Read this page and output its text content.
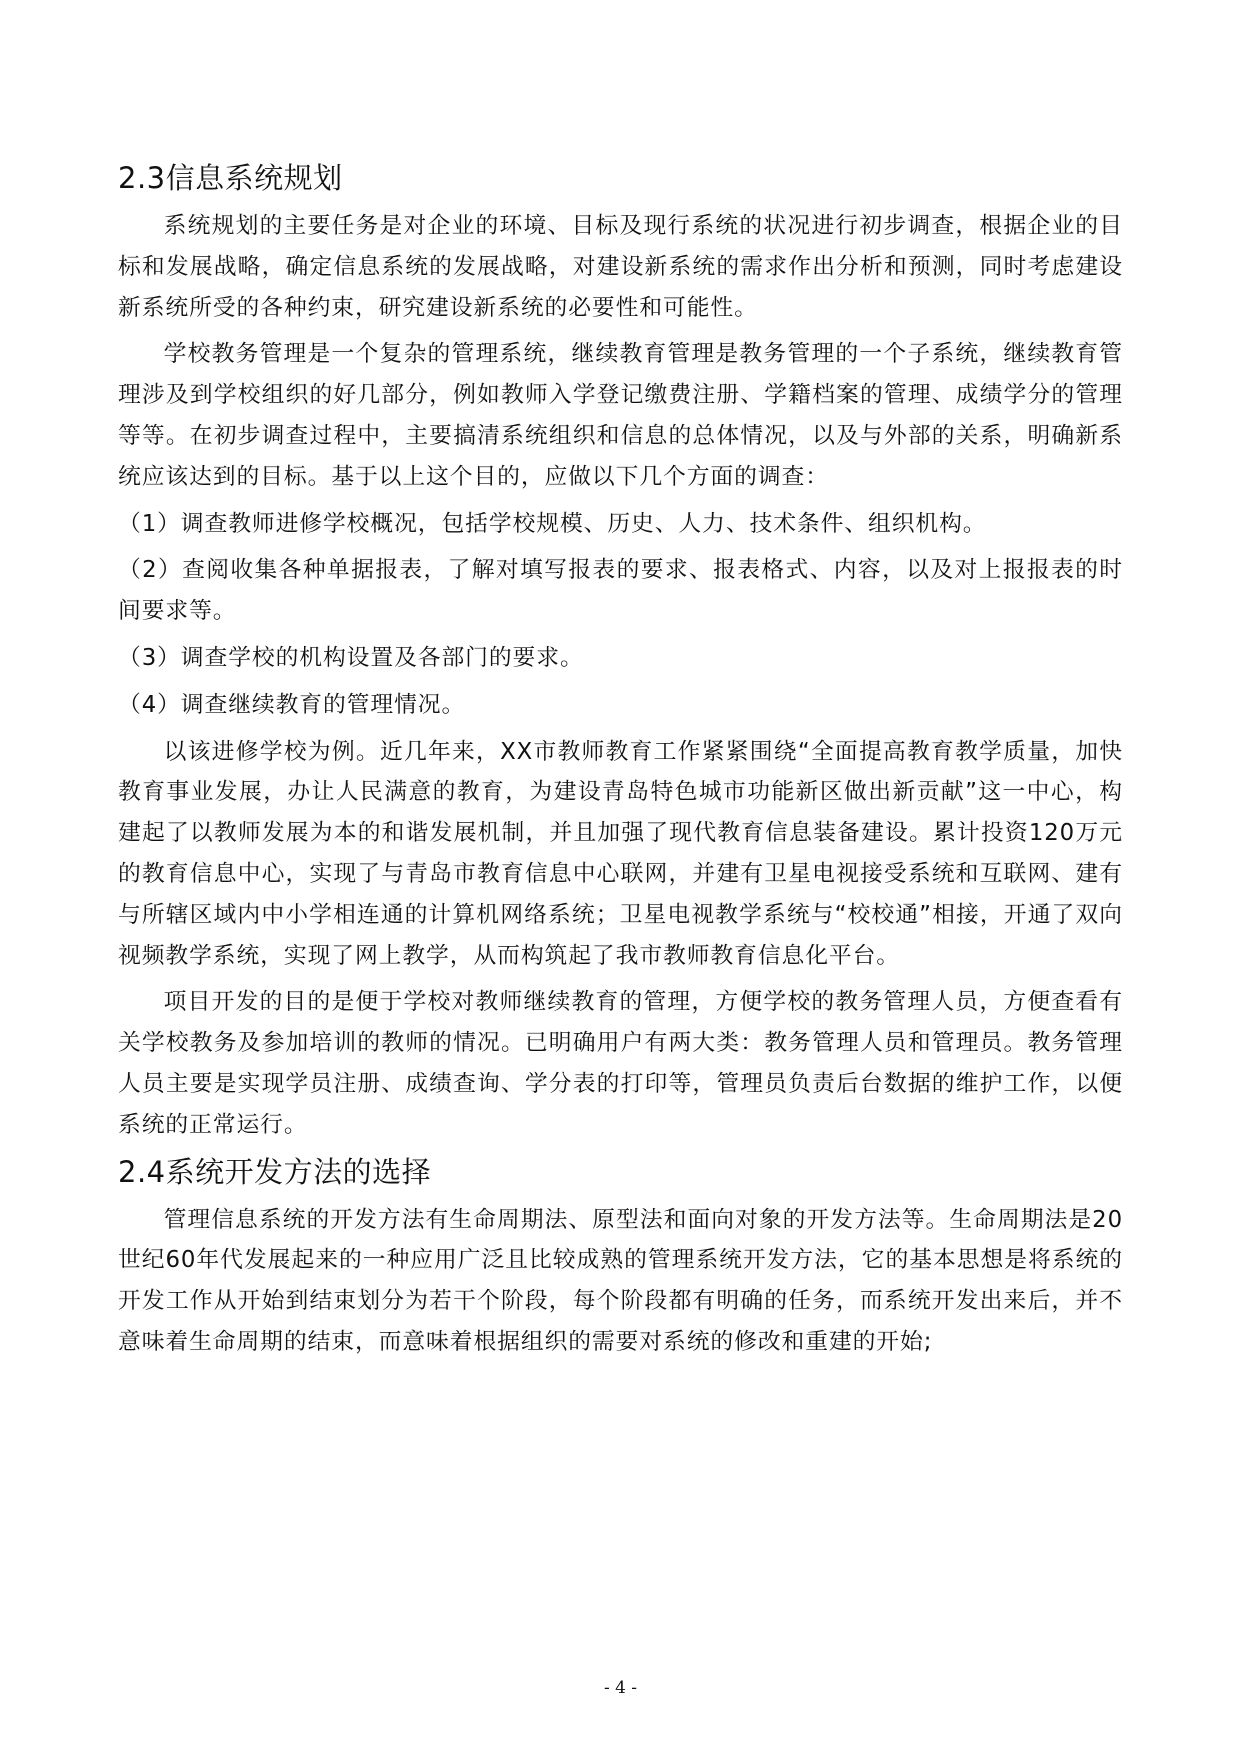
2.3信息系统规划

系统规划的主要任务是对企业的环境、目标及现行系统的状况进行初步调查，根据企业的目标和发展战略，确定信息系统的发展战略，对建设新系统的需求作出分析和预测，同时考虑建设新系统所受的各种约束，研究建设新系统的必要性和可能性。

学校教务管理是一个复杂的管理系统，继续教育管理是教务管理的一个子系统，继续教育管理涉及到学校组织的好几部分，例如教师入学登记缴费注册、学籍档案的管理、成绩学分的管理等等。在初步调查过程中，主要搞清系统组织和信息的总体情况，以及与外部的关系，明确新系统应该达到的目标。基于以上这个目的，应做以下几个方面的调查：

（1）调查教师进修学校概况，包括学校规模、历史、人力、技术条件、组织机构。

（2）查阅收集各种单据报表，了解对填写报表的要求、报表格式、内容，以及对上报报表的时间要求等。

（3）调查学校的机构设置及各部门的要求。

（4）调查继续教育的管理情况。

以该进修学校为例。近几年来，XX市教师教育工作紧紧围绕“全面提高教育教学质量，加快教育事业发展，办让人民满意的教育，为建设青岛特色城市功能新区做出新贡献”这一中心，构建起了以教师发展为本的和谐发展机制，并且加强了现代教育信息装备建设。累计投资120万元的教育信息中心，实现了与青岛市教育信息中心联网，并建有卫星电视接受系统和互联网、建有与所辖区域内中小学相连通的计算机网络系统；卫星电视教学系统与“校校通”相接，开通了双向视频教学系统，实现了网上教学，从而构筑起了我市教师教育信息化平台。

项目开发的目的是便于学校对教师继续教育的管理，方便学校的教务管理人员，方便查看有关学校教务及参加培训的教师的情况。已明确用户有两大类：教务管理人员和管理员。教务管理人员主要是实现学员注册、成绩查询、学分表的打印等，管理员负责后台数据的维护工作，以便系统的正常运行。

2.4系统开发方法的选择

管理信息系统的开发方法有生命周期法、原型法和面向对象的开发方法等。生命周期法是20世纪60年代发展起来的一种应用广泛且比较成熟的管理系统开发方法，它的基本思想是将系统的开发工作从开始到结束划分为若干个阶段，每个阶段都有明确的任务，而系统开发出来后，并不意味着生命周期的结束，而意味着根据组织的需要对系统的修改和重建的开始;

- 4 -
